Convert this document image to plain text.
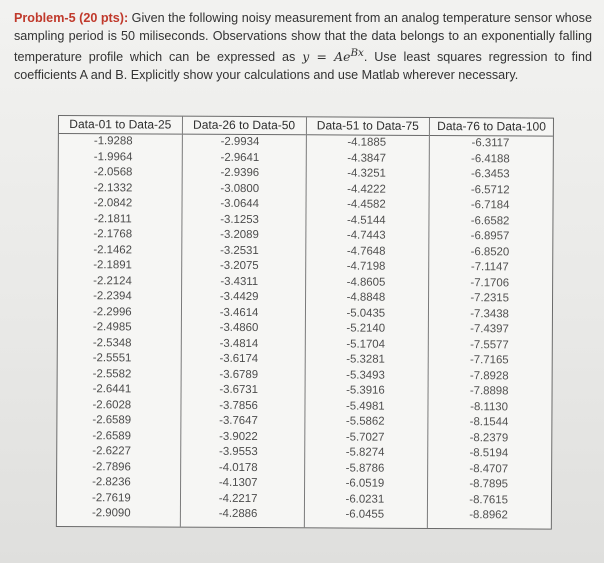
Problem-5 (20 pts): Given the following noisy measurement from an analog temperature sensor whose sampling period is 50 miliseconds. Observations show that the data belongs to an exponentially falling temperature profile which can be expressed as $y = Ae^{Bx}$. Use least squares regression to find coefficients A and B. Explicitly show your calculations and use Matlab wherever necessary.
Data-01 to Data-25
-1.9288
-1.9964
-2.0568
-2.1332
-2.0842
-2.1811
-2.1768
-2.1462
-2.1891
-2.2124
-2.2394
-2.2996
-2.4985
-2.5348
-2.5551
-2.5582
-2.6441
-2.6028
-2.6589
-2.6589
-2.6227
-2.7896
-2.8236
-2.7619
-2.9090
Data-26 to Data-50
-2.9934
-2.9641
-2.9396
-3.0800
-3.0644
-3.1253
-3.2089
-3.2531
-3.2075
-3.4311
-3.4429
-3.4614
-3.4860
-3.4814
-3.6174
-3.6789
-3.6731
-3.7856
-3.7647
-3.9022
-3.9553
-4.0178
-4.1307
-4.2217
-4.2886
Data-51 to Data-75
-4.1885
-4.3847
-4.3251
-4.4222
-4.4582
-4.5144
-4.7443
-4.7648
-4.7198
-4.8605
-4.8848
-5.0435
-5.2140
-5.1704
-5.3281
-5.3493
-5.3916
-5.4981
-5.5862
-5.7027
-5.8274
-5.8786
-6.0519
-6.0231
-6.0455
Data-76 to Data-100
-6.3117
-6.4188
-6.3453
-6.5712
-6.7184
-6.6582
-6.8957
-6.8520
-7.1147
-7.1706
-7.2315
-7.3438
-7.4397
-7.5577
-7.7165
-7.8928
-7.8898
-8.1130
-8.1544
-8.2379
-8.5194
-8.4707
-8.7895
-8.7615
-8.8962
